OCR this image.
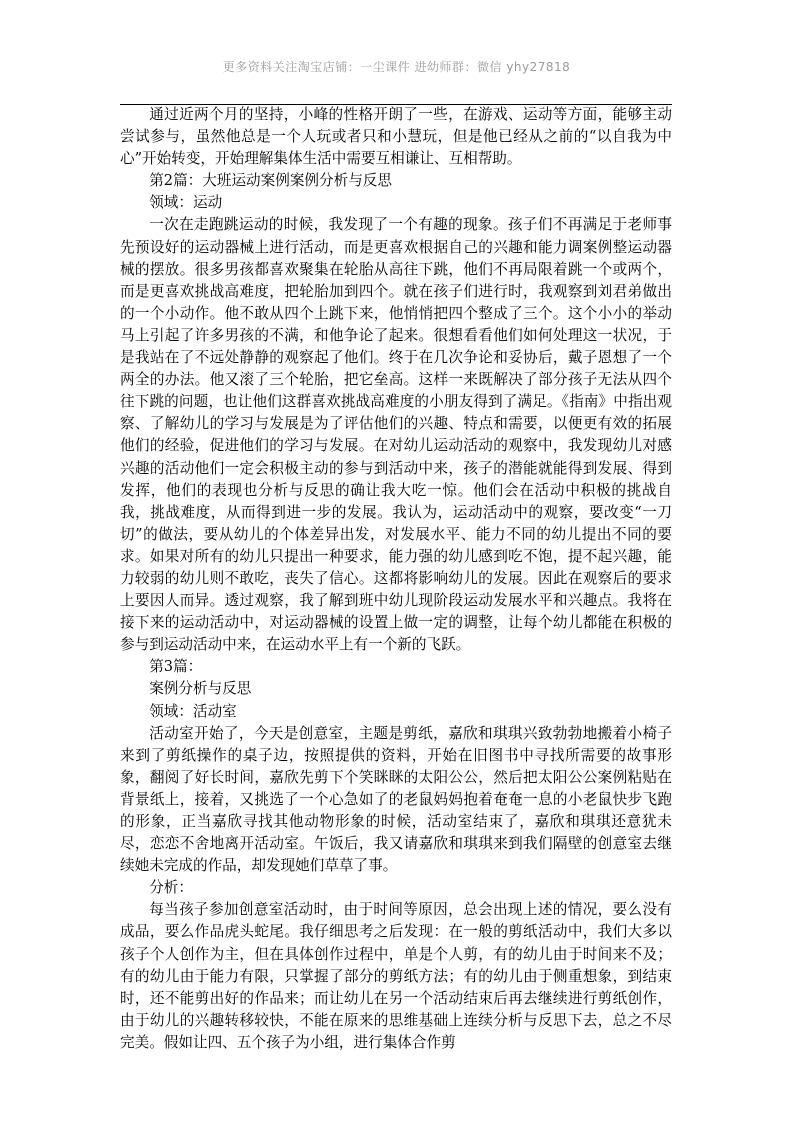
更多资料关注淘宝店铺：一尘课件 进幼师群：微信 yhy27818

通过近两个月的坚持，小峰的性格开朗了一些，在游戏、运动等方面，能够主动尝试参与，虽然他总是一个人玩或者只和小慧玩，但是他已经从之前的“以自我为中心”开始转变，开始理解集体生活中需要互相谦让、互相帮助。

第2篇：大班运动案例案例分析与反思

领域：运动

一次在走跑跳运动的时候，我发现了一个有趣的现象。孩子们不再满足于老师事先预设好的运动器械上进行活动，而是更喜欢根据自己的兴趣和能力调案例整运动器械的摆放。很多男孩都喜欢聚集在轮胎从高往下跳，他们不再局限着跳一个或两个，而是更喜欢挑战高难度，把轮胎加到四个。就在孩子们进行时，我观察到刘君弟做出的一个小动作。他不敢从四个上跳下来，他悄悄把四个整成了三个。这个小小的举动马上引起了许多男孩的不满，和他争论了起来。很想看看他们如何处理这一状况，于是我站在了不远处静静的观察起了他们。终于在几次争论和妥协后，戴子恩想了一个两全的办法。他又滚了三个轮胎，把它垒高。这样一来既解决了部分孩子无法从四个往下跳的问题，也让他们这群喜欢挑战高难度的小朋友得到了满足。《指南》中指出观察、了解幼儿的学习与发展是为了评估他们的兴趣、特点和需要，以便更有效的拓展他们的经验，促进他们的学习与发展。在对幼儿运动活动的观察中，我发现幼儿对感兴趣的活动他们一定会积极主动的参与到活动中来，孩子的潜能就能得到发展、得到发挥，他们的表现也分析与反思的确让我大吃一惊。他们会在活动中积极的挑战自我，挑战难度，从而得到进一步的发展。我认为，运动活动中的观察，要改变“一刀切”的做法，要从幼儿的个体差异出发，对发展水平、能力不同的幼儿提出不同的要求。如果对所有的幼儿只提出一种要求，能力强的幼儿感到吃不饱，提不起兴趣，能力较弱的幼儿则不敢吃，丧失了信心。这都将影响幼儿的发展。因此在观察后的要求上要因人而异。透过观察，我了解到班中幼儿现阶段运动发展水平和兴趣点。我将在接下来的运动活动中，对运动器械的设置上做一定的调整，让每个幼儿都能在积极的参与到运动活动中来，在运动水平上有一个新的飞跃。

第3篇：

案例分析与反思

领域：活动室

活动室开始了，今天是创意室，主题是剪纸，嘉欣和琪琪兴致勃勃地搬着小椅子来到了剪纸操作的桌子边，按照提供的资料，开始在旧图书中寻找所需要的故事形象，翻阅了好长时间，嘉欣先剪下个笑眯眯的太阳公公，然后把太阳公公案例粘贴在背景纸上，接着，又挑选了一个心急如了的老鼠妈妈抱着奄奄一息的小老鼠快步飞跑的形象，正当嘉欣寻找其他动物形象的时候，活动室结束了，嘉欣和琪琪还意犹未尽，恋恋不舍地离开活动室。午饭后，我又请嘉欣和琪琪来到我们隔壁的创意室去继续她未完成的作品，却发现她们草草了事。

分析：

每当孩子参加创意室活动时，由于时间等原因，总会出现上述的情况，要么没有成品，要么作品虎头蛇尾。我仔细思考之后发现：在一般的剪纸活动中，我们大多以孩子个人创作为主，但在具体创作过程中，单是个人剪，有的幼儿由于时间来不及；有的幼儿由于能力有限，只掌握了部分的剪纸方法；有的幼儿由于侧重想象，到结束时，还不能剪出好的作品来；而让幼儿在另一个活动结束后再去继续进行剪纸创作，由于幼儿的兴趣转移较快，不能在原来的思维基础上连续分析与反思下去，总之不尽完美。假如让四、五个孩子为小组，进行集体合作剪
